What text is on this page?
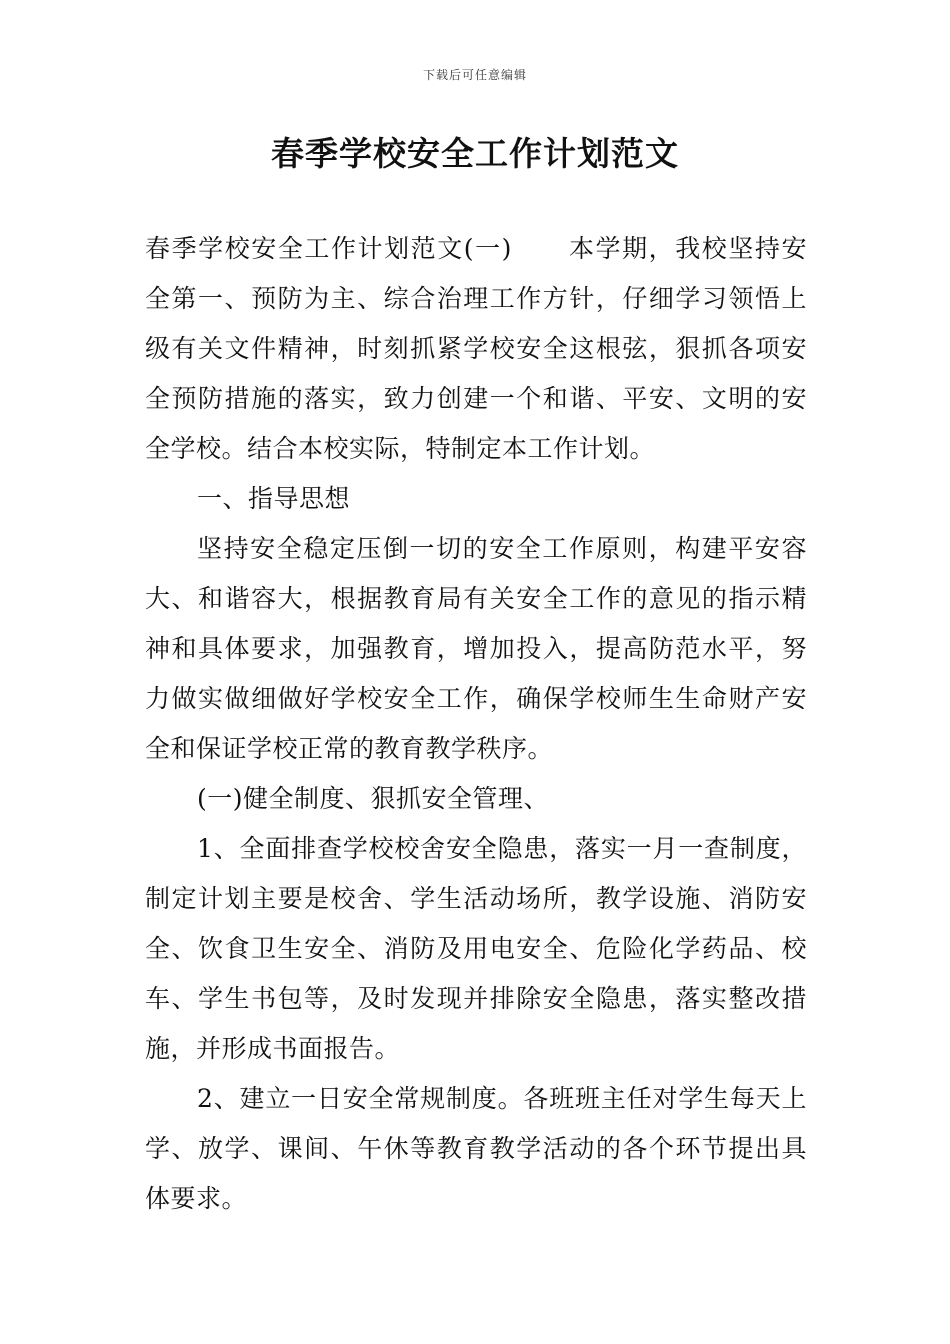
下载后可任意编辑
春季学校安全工作计划范文

春季学校安全工作计划范文(一) 本学期，我校坚持安全第一、预防为主、综合治理工作方针，仔细学习领悟上级有关文件精神，时刻抓紧学校安全这根弦，狠抓各项安全预防措施的落实，致力创建一个和谐、平安、文明的安全学校。结合本校实际，特制定本工作计划。

一、指导思想

坚持安全稳定压倒一切的安全工作原则，构建平安容大、和谐容大，根据教育局有关安全工作的意见的指示精神和具体要求，加强教育，增加投入，提高防范水平，努力做实做细做好学校安全工作，确保学校师生生命财产安全和保证学校正常的教育教学秩序。

(一)健全制度、狠抓安全管理、

1、全面排查学校校舍安全隐患，落实一月一查制度，制定计划主要是校舍、学生活动场所，教学设施、消防安全、饮食卫生安全、消防及用电安全、危险化学药品、校车、学生书包等，及时发现并排除安全隐患，落实整改措施，并形成书面报告。

2、建立一日安全常规制度。各班班主任对学生每天上学、放学、课间、午休等教育教学活动的各个环节提出具体要求。
